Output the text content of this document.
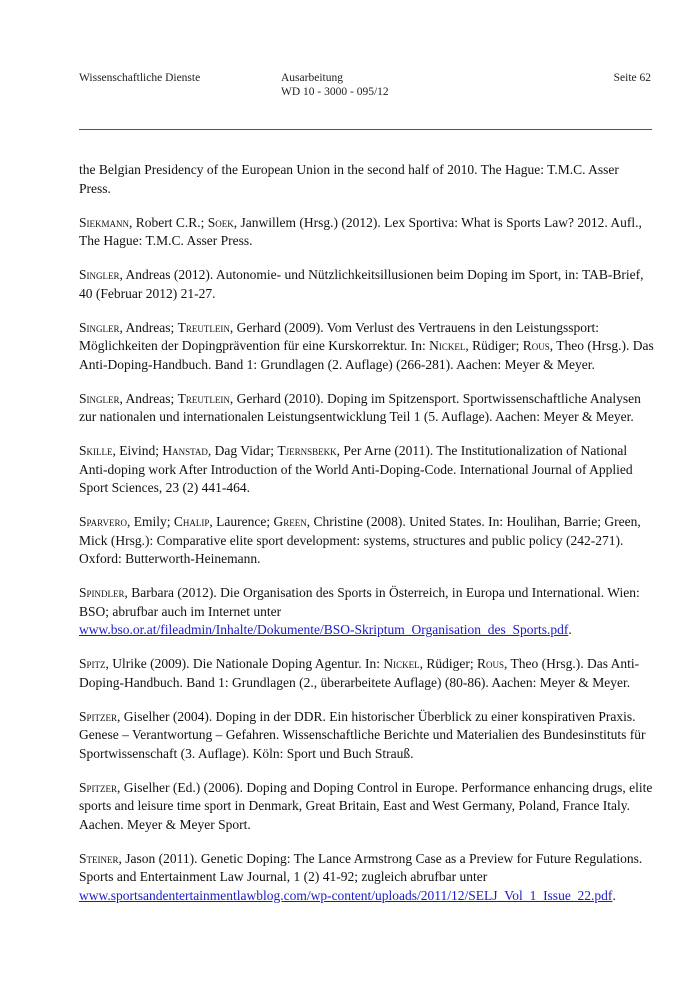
Wissenschaftliche Dienste	Ausarbeitung
WD 10 - 3000 - 095/12
Seite 62

the Belgian Presidency of the European Union in the second half of 2010. The Hague: T.M.C. Asser Press.

Siekmann, Robert C.R.; Soek, Janwillem (Hrsg.) (2012). Lex Sportiva: What is Sports Law? 2012. Aufl., The Hague: T.M.C. Asser Press.

Singler, Andreas (2012). Autonomie- und Nützlichkeitsillusionen beim Doping im Sport, in: TAB-Brief, 40 (Februar 2012) 21-27.

Singler, Andreas; Treutlein, Gerhard (2009). Vom Verlust des Vertrauens in den Leistungssport: Möglichkeiten der Dopingprävention für eine Kurskorrektur. In: Nickel, Rüdiger; Rous, Theo (Hrsg.). Das Anti-Doping-Handbuch. Band 1: Grundlagen (2. Auflage) (266-281). Aachen: Meyer & Meyer.

Singler, Andreas; Treutlein, Gerhard (2010). Doping im Spitzensport. Sportwissenschaftliche Analysen zur nationalen und internationalen Leistungsentwicklung Teil 1 (5. Auflage). Aachen: Meyer & Meyer.

Skille, Eivind; Hanstad, Dag Vidar; Tjernsbekk, Per Arne (2011). The Institutionalization of National Anti-doping work After Introduction of the World Anti-Doping-Code. International Journal of Applied Sport Sciences, 23 (2) 441-464.

Sparvero, Emily; Chalip, Laurence; Green, Christine (2008). United States. In: Houlihan, Barrie; Green, Mick (Hrsg.): Comparative elite sport development: systems, structures and public policy (242-271). Oxford: Butterworth-Heinemann.

Spindler, Barbara (2012). Die Organisation des Sports in Österreich, in Europa und International. Wien: BSO; abrufbar auch im Internet unter
www.bso.or.at/fileadmin/Inhalte/Dokumente/BSO-Skriptum_Organisation_des_Sports.pdf.

Spitz, Ulrike (2009). Die Nationale Doping Agentur. In: Nickel, Rüdiger; Rous, Theo (Hrsg.). Das Anti-Doping-Handbuch. Band 1: Grundlagen (2., überarbeitete Auflage) (80-86). Aachen: Meyer & Meyer.

Spitzer, Giselher (2004). Doping in der DDR. Ein historischer Überblick zu einer konspirativen Praxis. Genese – Verantwortung – Gefahren. Wissenschaftliche Berichte und Materialien des Bundesinstituts für Sportwissenschaft (3. Auflage). Köln: Sport und Buch Strauß.

Spitzer, Giselher (Ed.) (2006). Doping and Doping Control in Europe. Performance enhancing drugs, elite sports and leisure time sport in Denmark, Great Britain, East and West Germany, Poland, France Italy. Aachen. Meyer & Meyer Sport.

Steiner, Jason (2011). Genetic Doping: The Lance Armstrong Case as a Preview for Future Regulations. Sports and Entertainment Law Journal, 1 (2) 41-92; zugleich abrufbar unter
www.sportsandentertainmentlawblog.com/wp-content/uploads/2011/12/SELJ_Vol_1_Issue_22.pdf.
